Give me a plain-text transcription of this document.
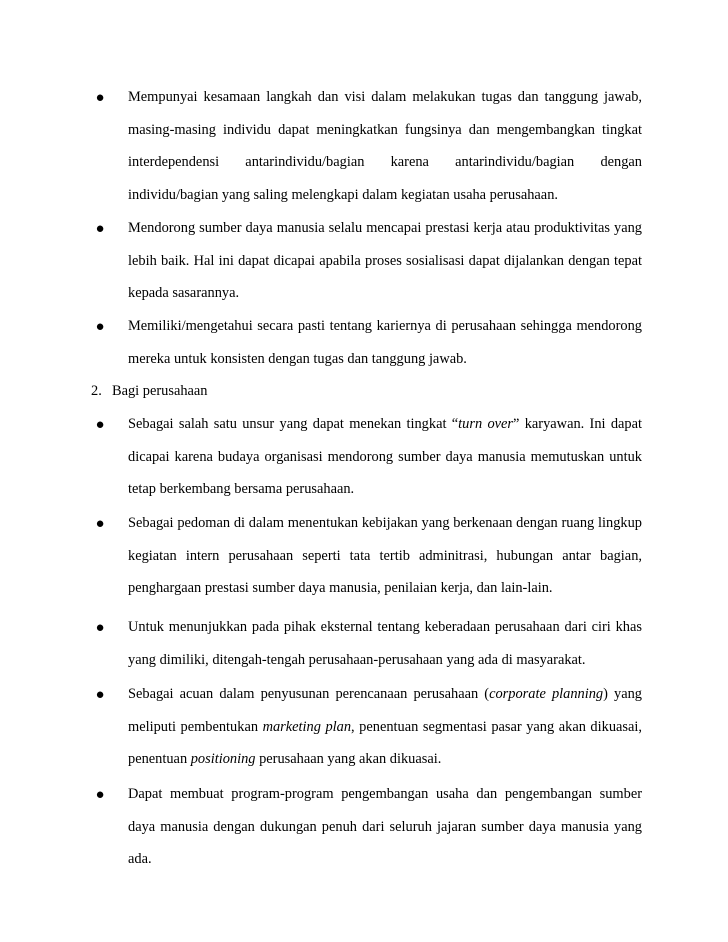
●	Mempunyai kesamaan langkah dan visi dalam melakukan tugas dan tanggung jawab, masing-masing individu dapat meningkatkan fungsinya dan mengembangkan tingkat interdependensi antarindividu/bagian karena antarindividu/bagian dengan individu/bagian yang saling melengkapi dalam kegiatan usaha perusahaan.
●	Mendorong sumber daya manusia selalu mencapai prestasi kerja atau produktivitas yang lebih baik. Hal ini dapat dicapai apabila proses sosialisasi dapat dijalankan dengan tepat kepada sasarannya.
●	Memiliki/mengetahui secara pasti tentang kariernya di perusahaan sehingga mendorong mereka untuk konsisten dengan tugas dan tanggung jawab.
2. Bagi perusahaan
●	Sebagai salah satu unsur yang dapat menekan tingkat “turn over” karyawan. Ini dapat dicapai karena budaya organisasi mendorong sumber daya manusia memutuskan untuk tetap berkembang bersama perusahaan.
●	Sebagai pedoman di dalam menentukan kebijakan yang berkenaan dengan ruang lingkup kegiatan intern perusahaan seperti tata tertib adminitrasi, hubungan antar bagian, penghargaan prestasi sumber daya manusia, penilaian kerja, dan lain-lain.
●	Untuk menunjukkan pada pihak eksternal tentang keberadaan perusahaan dari ciri khas yang dimiliki, ditengah-tengah perusahaan-perusahaan yang ada di masyarakat.
●	Sebagai acuan dalam penyusunan perencanaan perusahaan (corporate planning) yang meliputi pembentukan marketing plan, penentuan segmentasi pasar yang akan dikuasai, penentuan positioning perusahaan yang akan dikuasai.
●	Dapat membuat program-program pengembangan usaha dan pengembangan sumber daya manusia dengan dukungan penuh dari seluruh jajaran sumber daya manusia yang ada.
